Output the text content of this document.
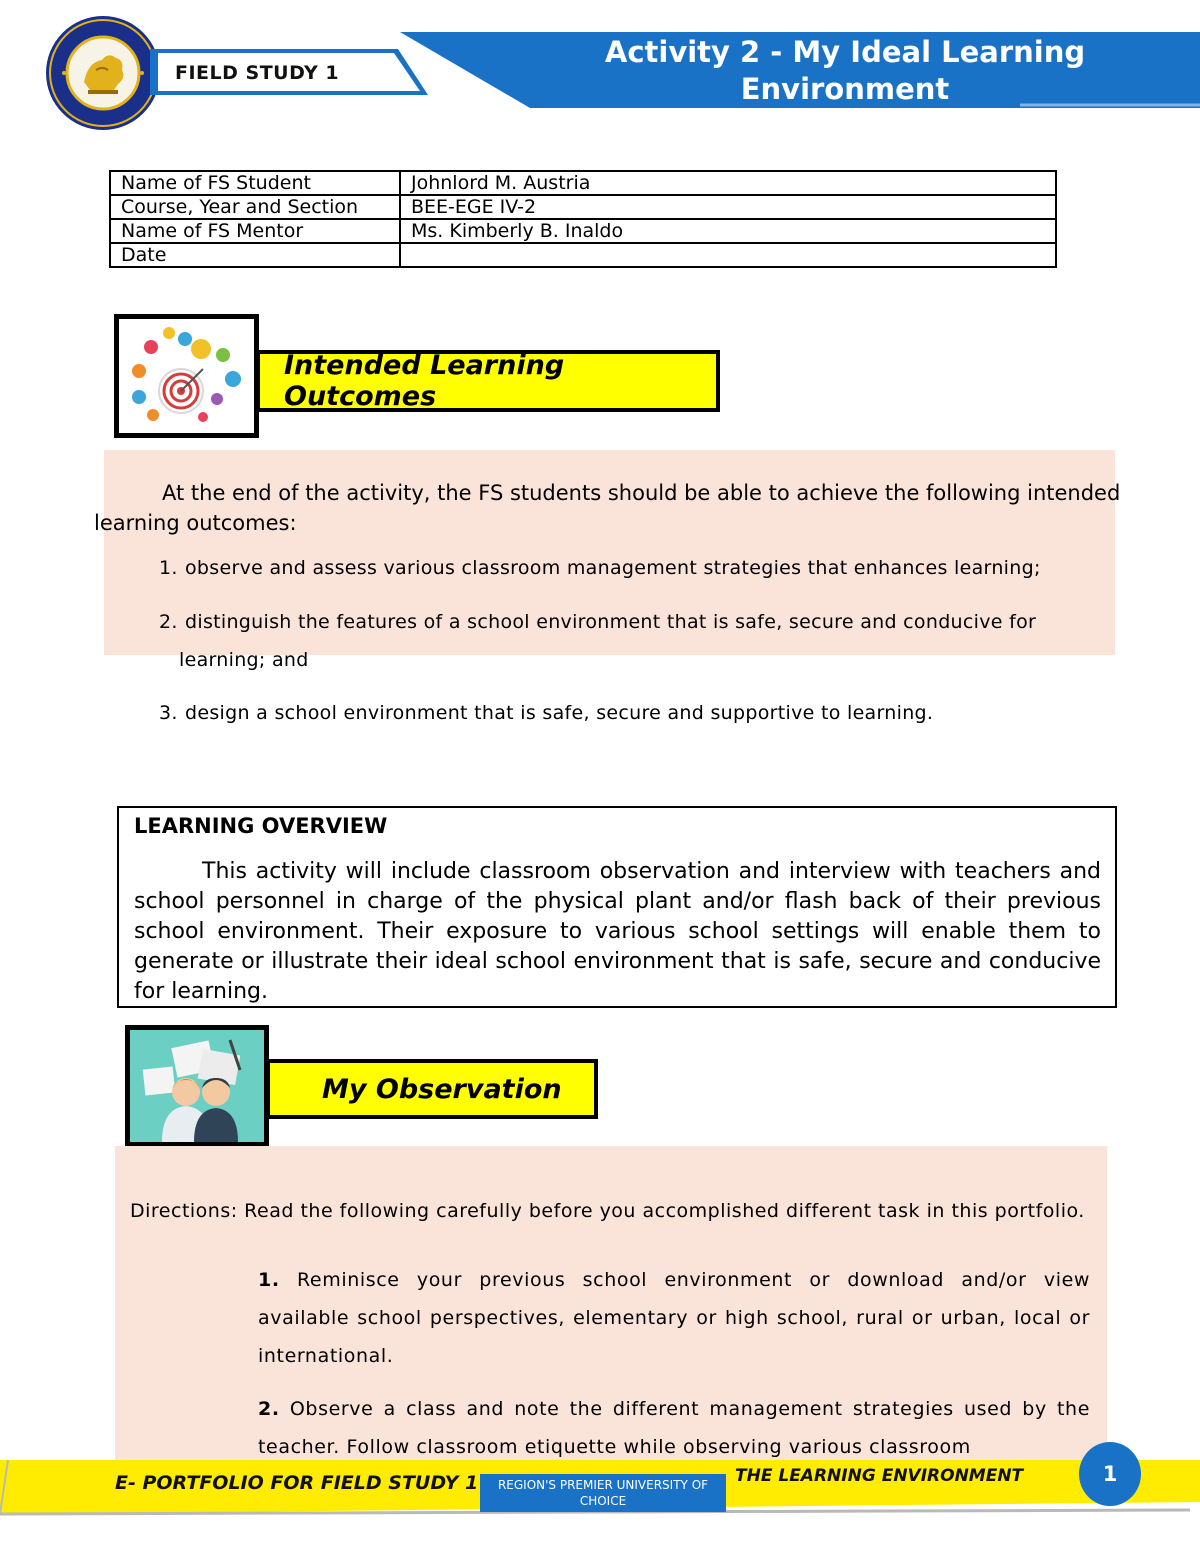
FIELD STUDY 1
Activity 2 - My Ideal Learning
Environment
Name of FS Student	Johnlord M. Austria
Course, Year and Section	BEE-EGE IV-2
Name of FS Mentor	Ms. Kimberly B. Inaldo
Date	
Intended Learning Outcomes
At the end of the activity, the FS students should be able to achieve the following intended learning outcomes:
1. observe and assess various classroom management strategies that enhances learning;
2. distinguish the features of a school environment that is safe, secure and conducive for
learning; and
3. design a school environment that is safe, secure and supportive to learning.
LEARNING OVERVIEW
This activity will include classroom observation and interview with teachers and school personnel in charge of the physical plant and/or flash back of their previous school environment. Their exposure to various school settings will enable them to generate or illustrate their ideal school environment that is safe, secure and conducive for learning.
My Observation
Directions: Read the following carefully before you accomplished different task in this portfolio.
1. Reminisce your previous school environment or download and/or view available school perspectives, elementary or high school, rural or urban, local or international.
2. Observe a class and note the different management strategies used by the teacher. Follow classroom etiquette while observing various classroom
E- PORTFOLIO FOR FIELD STUDY 1	REGION'S PREMIER UNIVERSITY OF CHOICE
THE LEARNING ENVIRONMENT	1
